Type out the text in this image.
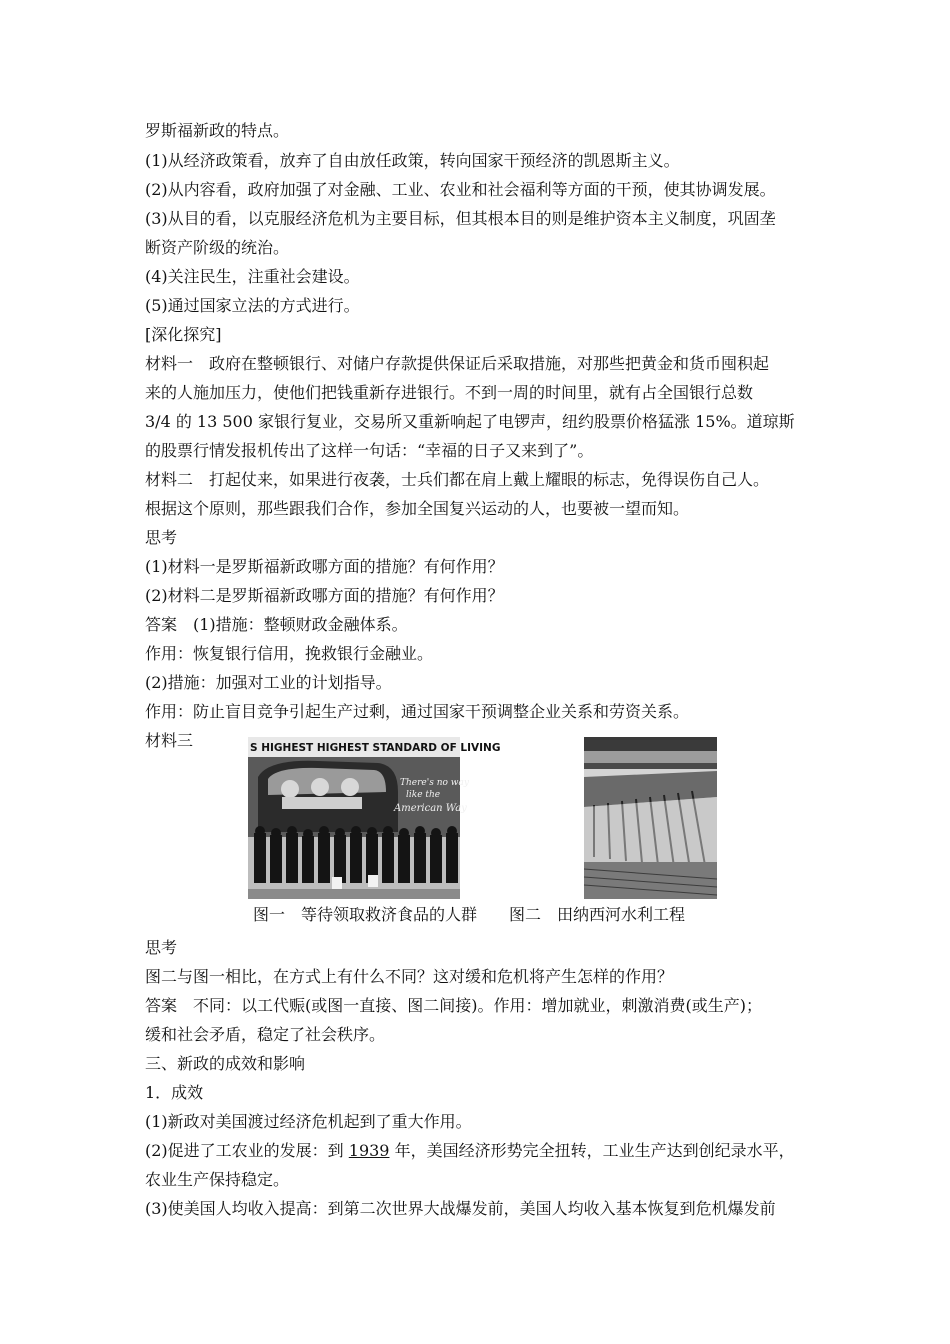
罗斯福新政的特点。
(1)从经济政策看，放弃了自由放任政策，转向国家干预经济的凯恩斯主义。
(2)从内容看，政府加强了对金融、工业、农业和社会福利等方面的干预，使其协调发展。
(3)从目的看，以克服经济危机为主要目标，但其根本目的则是维护资本主义制度，巩固垄
断资产阶级的统治。
(4)关注民生，注重社会建设。
(5)通过国家立法的方式进行。
[深化探究]
材料一　政府在整顿银行、对储户存款提供保证后采取措施，对那些把黄金和货币囤积起
来的人施加压力，使他们把钱重新存进银行。不到一周的时间里，就有占全国银行总数
3/4 的 13 500 家银行复业，交易所又重新响起了电锣声，纽约股票价格猛涨 15%。道琼斯
的股票行情发报机传出了这样一句话：“幸福的日子又来到了”。
材料二　打起仗来，如果进行夜袭，士兵们都在肩上戴上耀眼的标志，免得误伤自己人。
根据这个原则，那些跟我们合作，参加全国复兴运动的人，也要被一望而知。
思考
(1)材料一是罗斯福新政哪方面的措施？有何作用？
(2)材料二是罗斯福新政哪方面的措施？有何作用？
答案　(1)措施：整顿财政金融体系。
作用：恢复银行信用，挽救银行金融业。
(2)措施：加强对工业的计划指导。
作用：防止盲目竞争引起生产过剩，通过国家干预调整企业关系和劳资关系。
材料三	S HIGHEST HIGHEST STANDARD OF LIVING
There's no way
like the
American Way
图一　等待领取救济食品的人群 图二　田纳西河水利工程
思考
图二与图一相比，在方式上有什么不同？这对缓和危机将产生怎样的作用？
答案　不同：以工代赈(或图一直接、图二间接)。作用：增加就业，刺激消费(或生产)；
缓和社会矛盾，稳定了社会秩序。
三、新政的成效和影响
1．成效
(1)新政对美国渡过经济危机起到了重大作用。
(2)促进了工农业的发展：到 1939 年，美国经济形势完全扭转，工业生产达到创纪录水平，
农业生产保持稳定。
(3)使美国人均收入提高：到第二次世界大战爆发前，美国人均收入基本恢复到危机爆发前
